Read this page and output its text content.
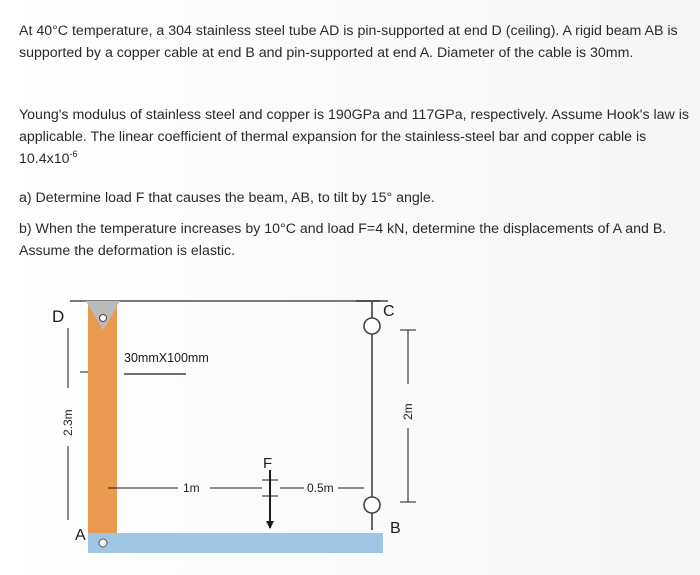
At 40°C temperature, a 304 stainless steel tube AD is pin-supported at end D (ceiling). A rigid beam AB is supported by a copper cable at end B and pin-supported at end A. Diameter of the cable is 30mm.

Young's modulus of stainless steel and copper is 190GPa and 117GPa, respectively. Assume Hook's law is applicable. The linear coefficient of thermal expansion for the stainless-steel bar and copper cable is $10.4x10^{-6}$

a) Determine load F that causes the beam, AB, to tilt by 15° angle.

b) When the temperature increases by 10°C and load F=4 kN, determine the displacements of A and B. Assume the deformation is elastic.

D	C
A	B
F
30mmX100mm
2.3m	2m
1m	0.5m
